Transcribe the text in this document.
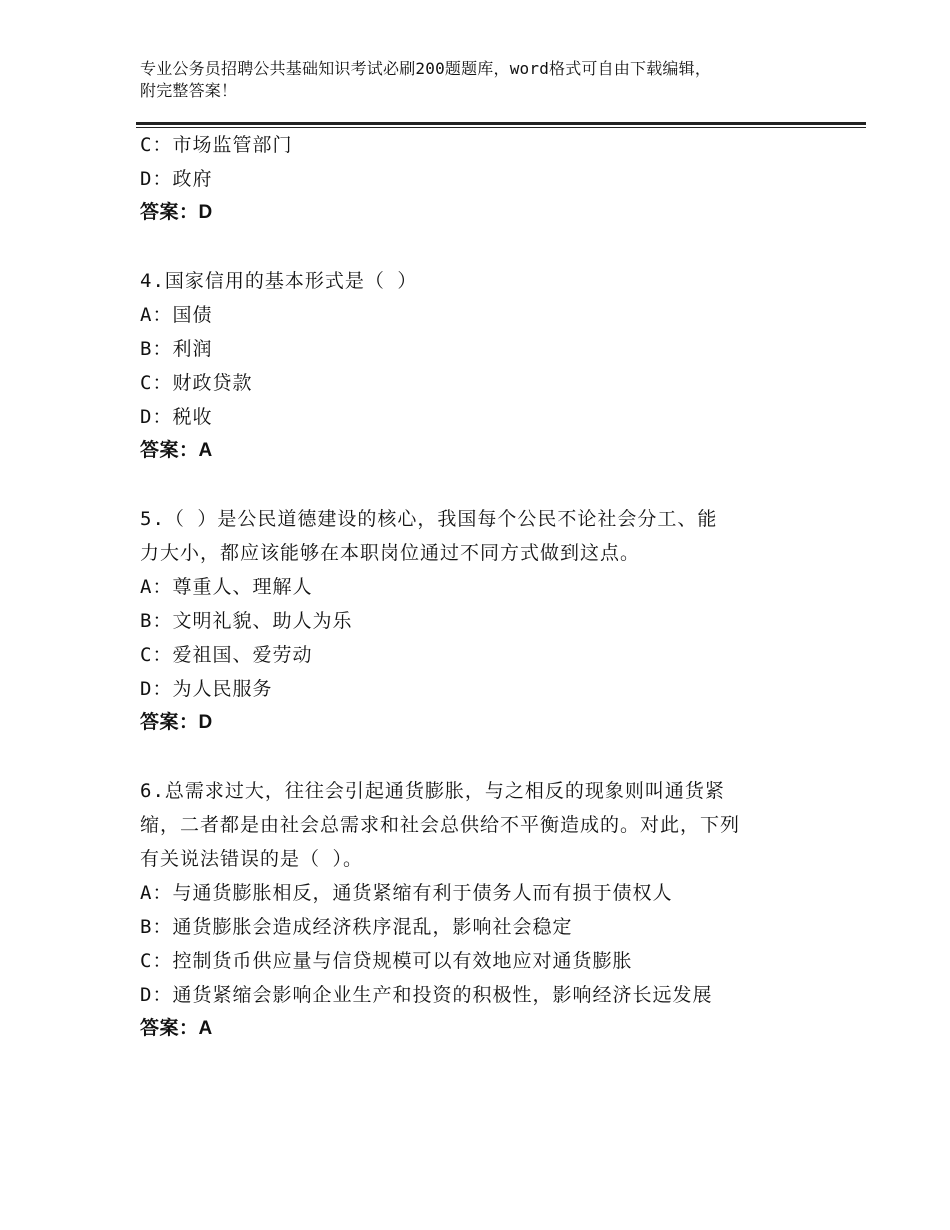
专业公务员招聘公共基础知识考试必刷200题题库，word格式可自由下载编辑，
附完整答案！

C：市场监管部门

D：政府

答案：D

4.国家信用的基本形式是（ ）

A：国债

B：利润

C：财政贷款

D：税收

答案：A

5.（ ）是公民道德建设的核心，我国每个公民不论社会分工、能

力大小，都应该能够在本职岗位通过不同方式做到这点。

A：尊重人、理解人

B：文明礼貌、助人为乐

C：爱祖国、爱劳动

D：为人民服务

答案：D

6.总需求过大，往往会引起通货膨胀，与之相反的现象则叫通货紧

缩，二者都是由社会总需求和社会总供给不平衡造成的。对此，下列

有关说法错误的是（ ）。

A：与通货膨胀相反，通货紧缩有利于债务人而有损于债权人

B：通货膨胀会造成经济秩序混乱，影响社会稳定

C：控制货币供应量与信贷规模可以有效地应对通货膨胀

D：通货紧缩会影响企业生产和投资的积极性，影响经济长远发展

答案：A
